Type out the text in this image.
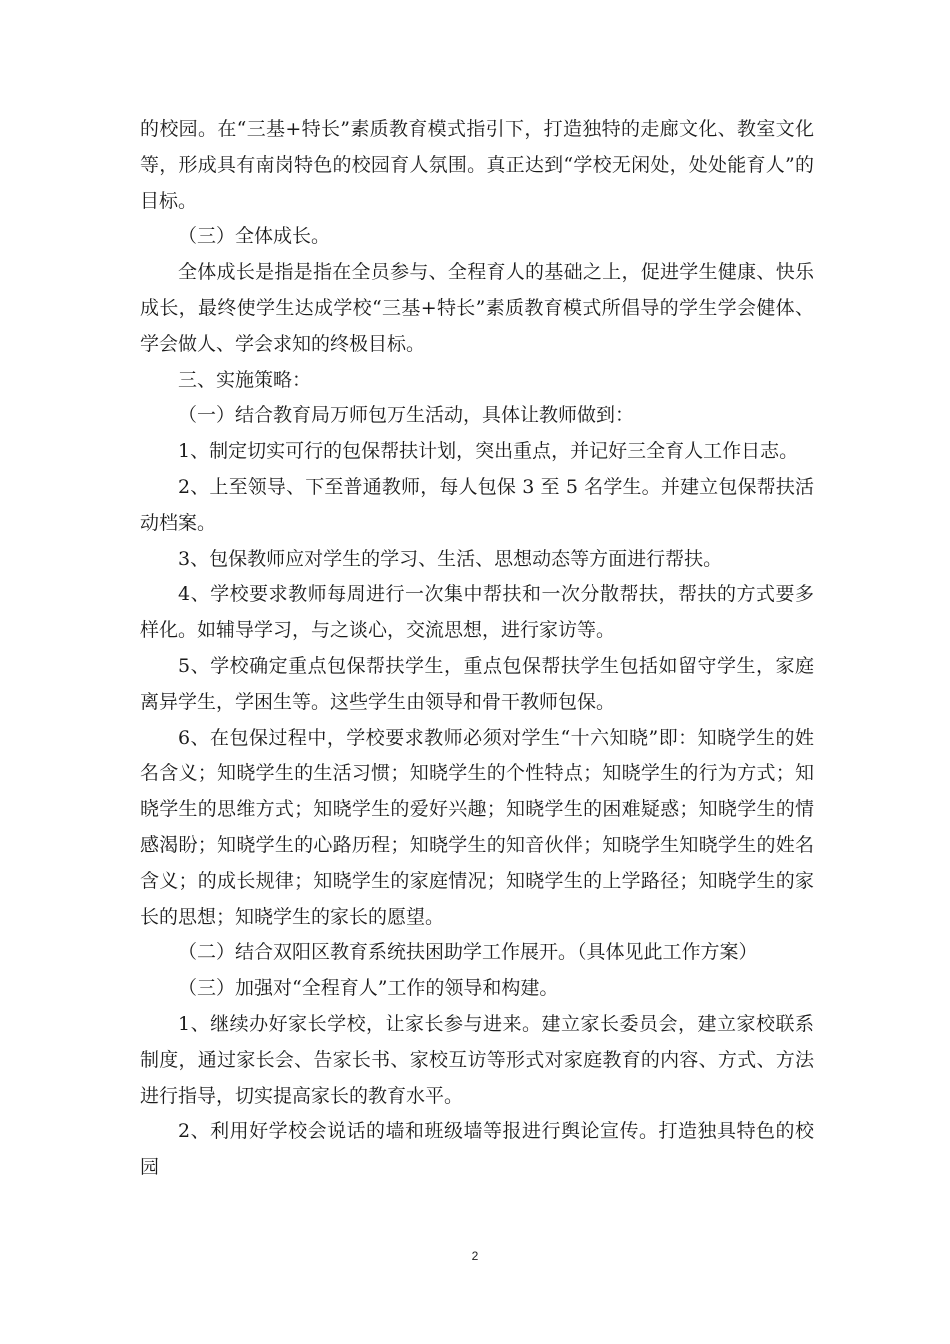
的校园。在“三基+特长”素质教育模式指引下，打造独特的走廊文化、教室文化等，形成具有南岗特色的校园育人氛围。真正达到“学校无闲处，处处能育人”的目标。

（三）全体成长。

全体成长是指是指在全员参与、全程育人的基础之上，促进学生健康、快乐成长，最终使学生达成学校“三基+特长”素质教育模式所倡导的学生学会健体、学会做人、学会求知的终极目标。

三、实施策略：

（一）结合教育局万师包万生活动，具体让教师做到：

1、制定切实可行的包保帮扶计划，突出重点，并记好三全育人工作日志。

2、上至领导、下至普通教师，每人包保 3 至 5 名学生。并建立包保帮扶活动档案。

3、包保教师应对学生的学习、生活、思想动态等方面进行帮扶。

4、学校要求教师每周进行一次集中帮扶和一次分散帮扶，帮扶的方式要多样化。如辅导学习，与之谈心，交流思想，进行家访等。

5、学校确定重点包保帮扶学生，重点包保帮扶学生包括如留守学生，家庭离异学生，学困生等。这些学生由领导和骨干教师包保。

6、在包保过程中，学校要求教师必须对学生“十六知晓”即：知晓学生的姓名含义；知晓学生的生活习惯；知晓学生的个性特点；知晓学生的行为方式；知晓学生的思维方式；知晓学生的爱好兴趣；知晓学生的困难疑惑；知晓学生的情感渴盼；知晓学生的心路历程；知晓学生的知音伙伴；知晓学生知晓学生的姓名含义；的成长规律；知晓学生的家庭情况；知晓学生的上学路径；知晓学生的家长的思想；知晓学生的家长的愿望。

（二）结合双阳区教育系统扶困助学工作展开。（具体见此工作方案）

（三）加强对“全程育人”工作的领导和构建。

1、继续办好家长学校，让家长参与进来。建立家长委员会，建立家校联系制度，通过家长会、告家长书、家校互访等形式对家庭教育的内容、方式、方法进行指导，切实提高家长的教育水平。

2、利用好学校会说话的墙和班级墙等报进行舆论宣传。打造独具特色的校园

2
